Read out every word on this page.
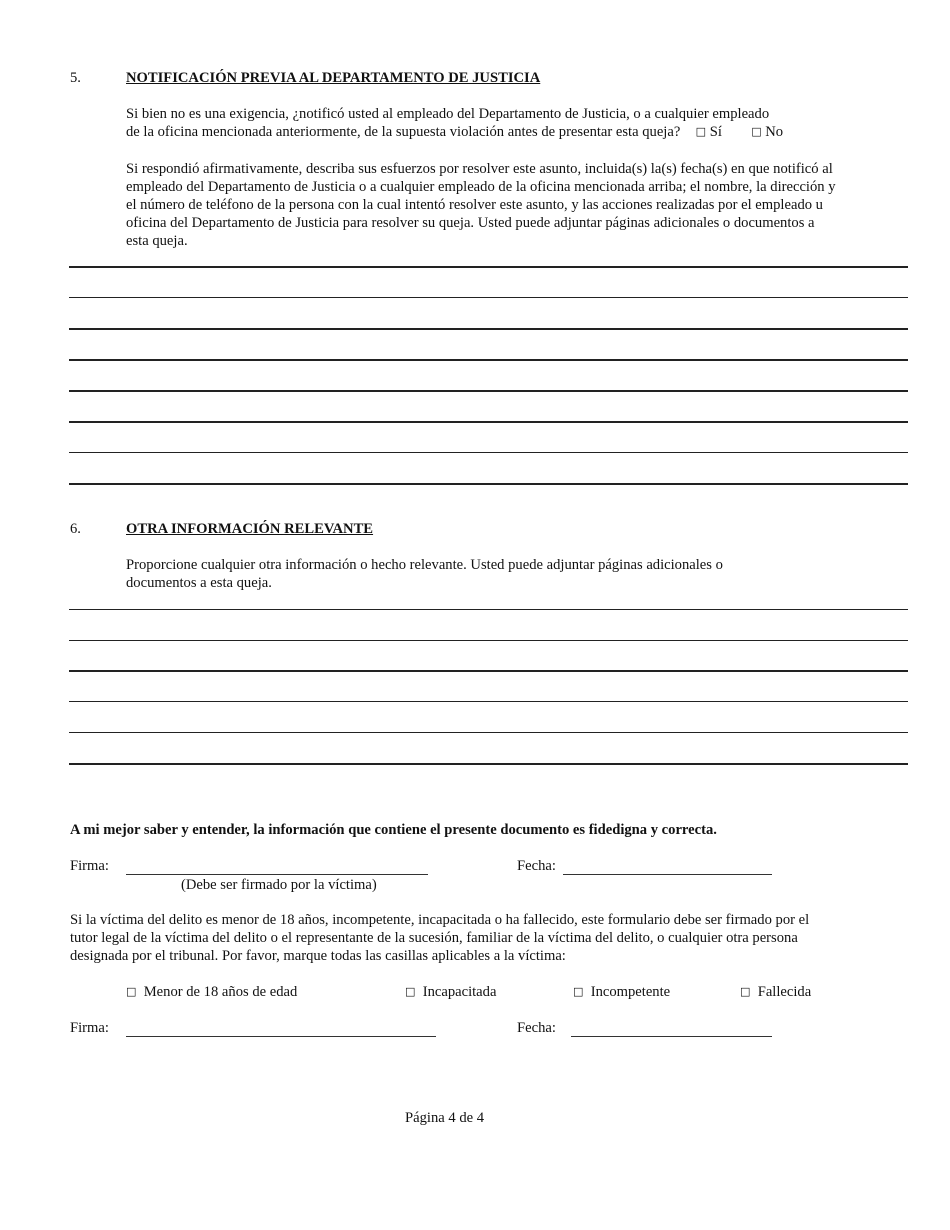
5.	NOTIFICACIÓN PREVIA AL DEPARTAMENTO DE JUSTICIA
Si bien no es una exigencia, ¿notificó usted al empleado del Departamento de Justicia, o a cualquier empleado
de la oficina mencionada anteriormente, de la supuesta violación antes de presentar esta queja? □ Sí	□ No
Si respondió afirmativamente, describa sus esfuerzos por resolver este asunto, incluida(s) la(s) fecha(s) en que notificó al empleado del Departamento de Justicia o a cualquier empleado de la oficina mencionada arriba; el nombre, la dirección y el número de teléfono de la persona con la cual intentó resolver este asunto, y las acciones realizadas por el empleado u oficina del Departamento de Justicia para resolver su queja. Usted puede adjuntar páginas adicionales o documentos a esta queja.
6.	OTRA INFORMACIÓN RELEVANTE
Proporcione cualquier otra información o hecho relevante. Usted puede adjuntar páginas adicionales o documentos a esta queja.
A mi mejor saber y entender, la información que contiene el presente documento es fidedigna y correcta.
Firma:	Fecha:
(Debe ser firmado por la víctima)
Si la víctima del delito es menor de 18 años, incompetente, incapacitada o ha fallecido, este formulario debe ser firmado por el tutor legal de la víctima del delito o el representante de la sucesión, familiar de la víctima del delito, o cualquier otra persona designada por el tribunal. Por favor, marque todas las casillas aplicables a la víctima:
□ Menor de 18 años de edad	□ Incapacitada	□ Incompetente	□ Fallecida
Firma:	Fecha:
Página 4 de 4
